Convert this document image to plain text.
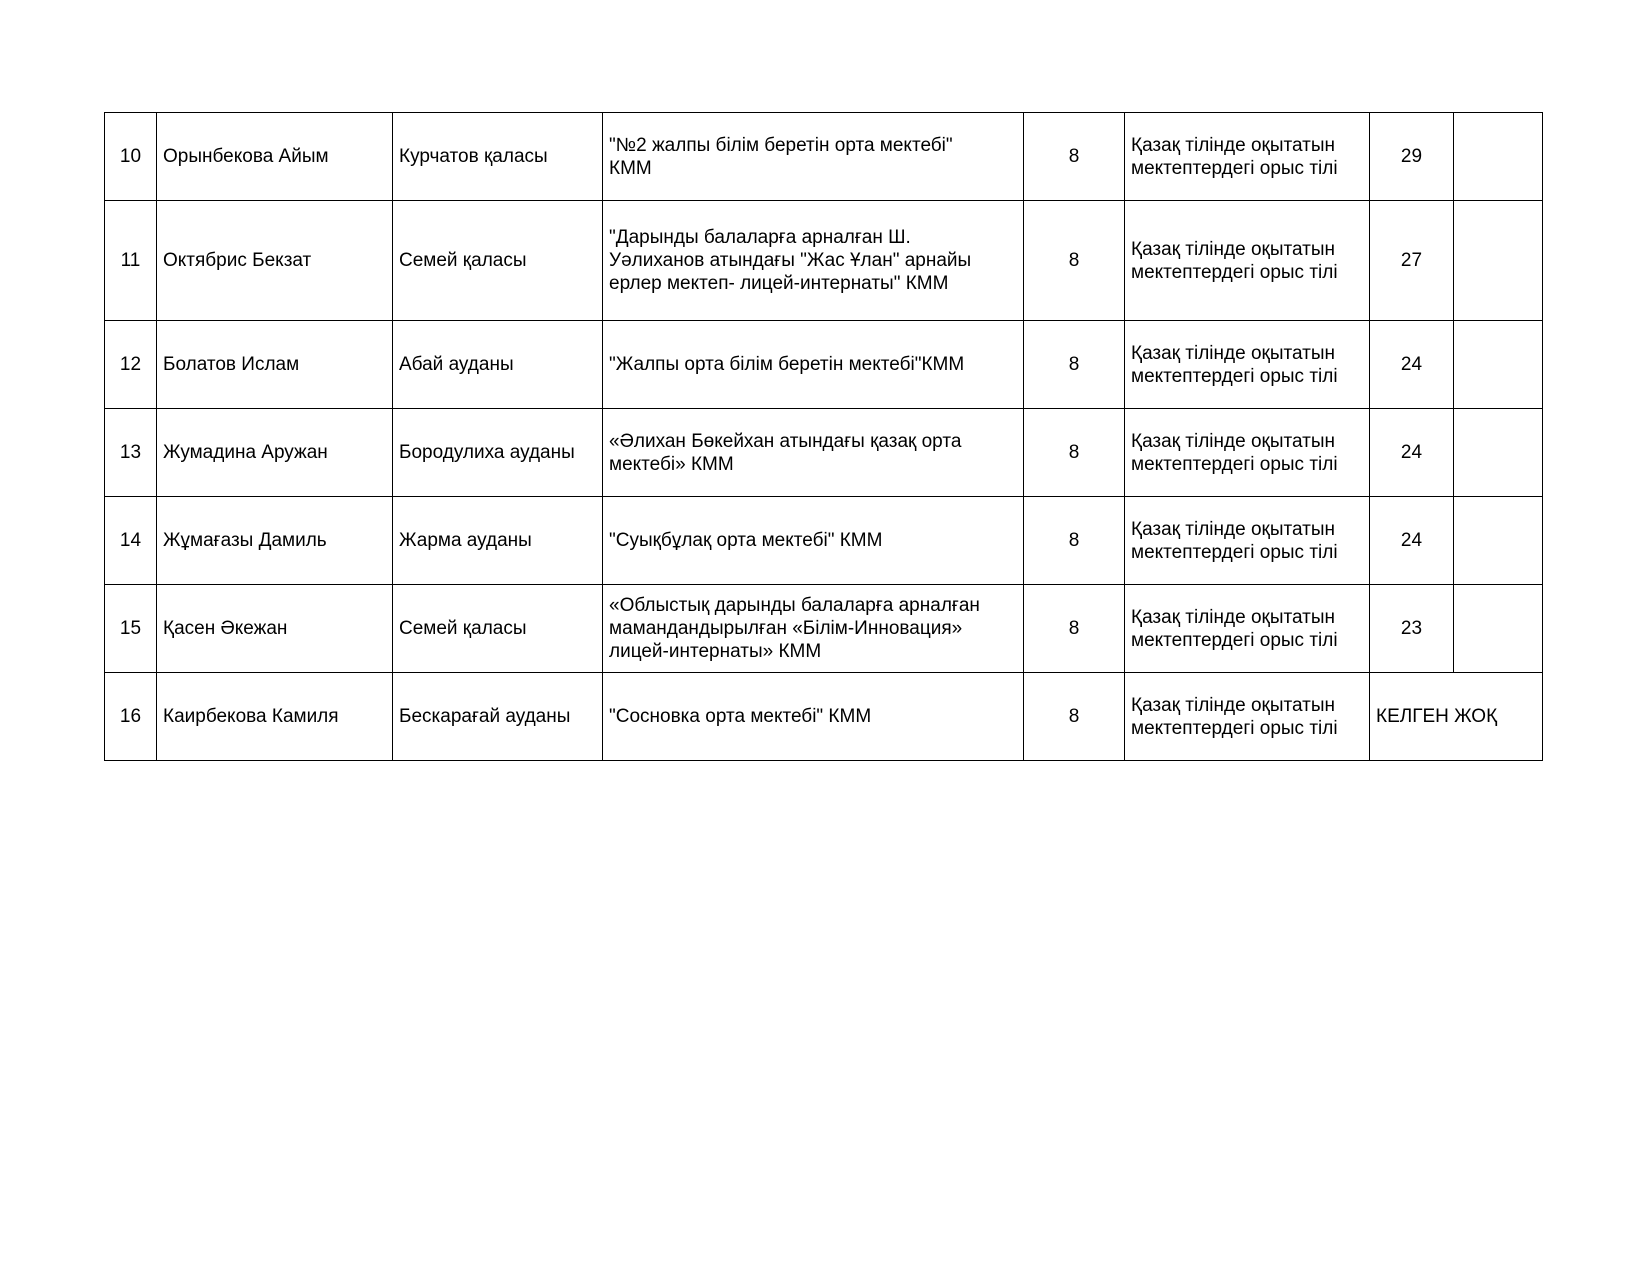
10	Орынбекова Айым	Курчатов қаласы	"№2 жалпы білім беретін орта мектебі"
КММ	8	Қазақ тілінде оқытатын мектептердегі орыс тілі	29	
11	Октябрис Бекзат	Семей қаласы	"Дарынды балаларға арналған Ш.
Уәлиханов атындағы "Жас Ұлан" арнайы
ерлер мектеп- лицей-интернаты" КММ	8	Қазақ тілінде оқытатын мектептердегі орыс тілі	27	
12	Болатов Ислам	Абай ауданы	"Жалпы орта білім беретін мектебі"КММ	8	Қазақ тілінде оқытатын мектептердегі орыс тілі	24	
13	Жумадина Аружан	Бородулиха ауданы	«Әлихан Бөкейхан атындағы қазақ орта
мектебі» КММ	8	Қазақ тілінде оқытатын мектептердегі орыс тілі	24	
14	Жұмағазы Дамиль	Жарма ауданы	"Суықбұлақ орта мектебі" КММ	8	Қазақ тілінде оқытатын мектептердегі орыс тілі	24	
15	Қасен Әкежан	Семей қаласы	«Облыстық дарынды балаларға арналған
мамандандырылған «Білім-Инновация»
лицей-интернаты» КММ	8	Қазақ тілінде оқытатын мектептердегі орыс тілі	23	
16	Каирбекова Камиля	Бескарағай ауданы	"Сосновка орта мектебі" КММ	8	Қазақ тілінде оқытатын мектептердегі орыс тілі	КЕЛГЕН ЖОҚ	
